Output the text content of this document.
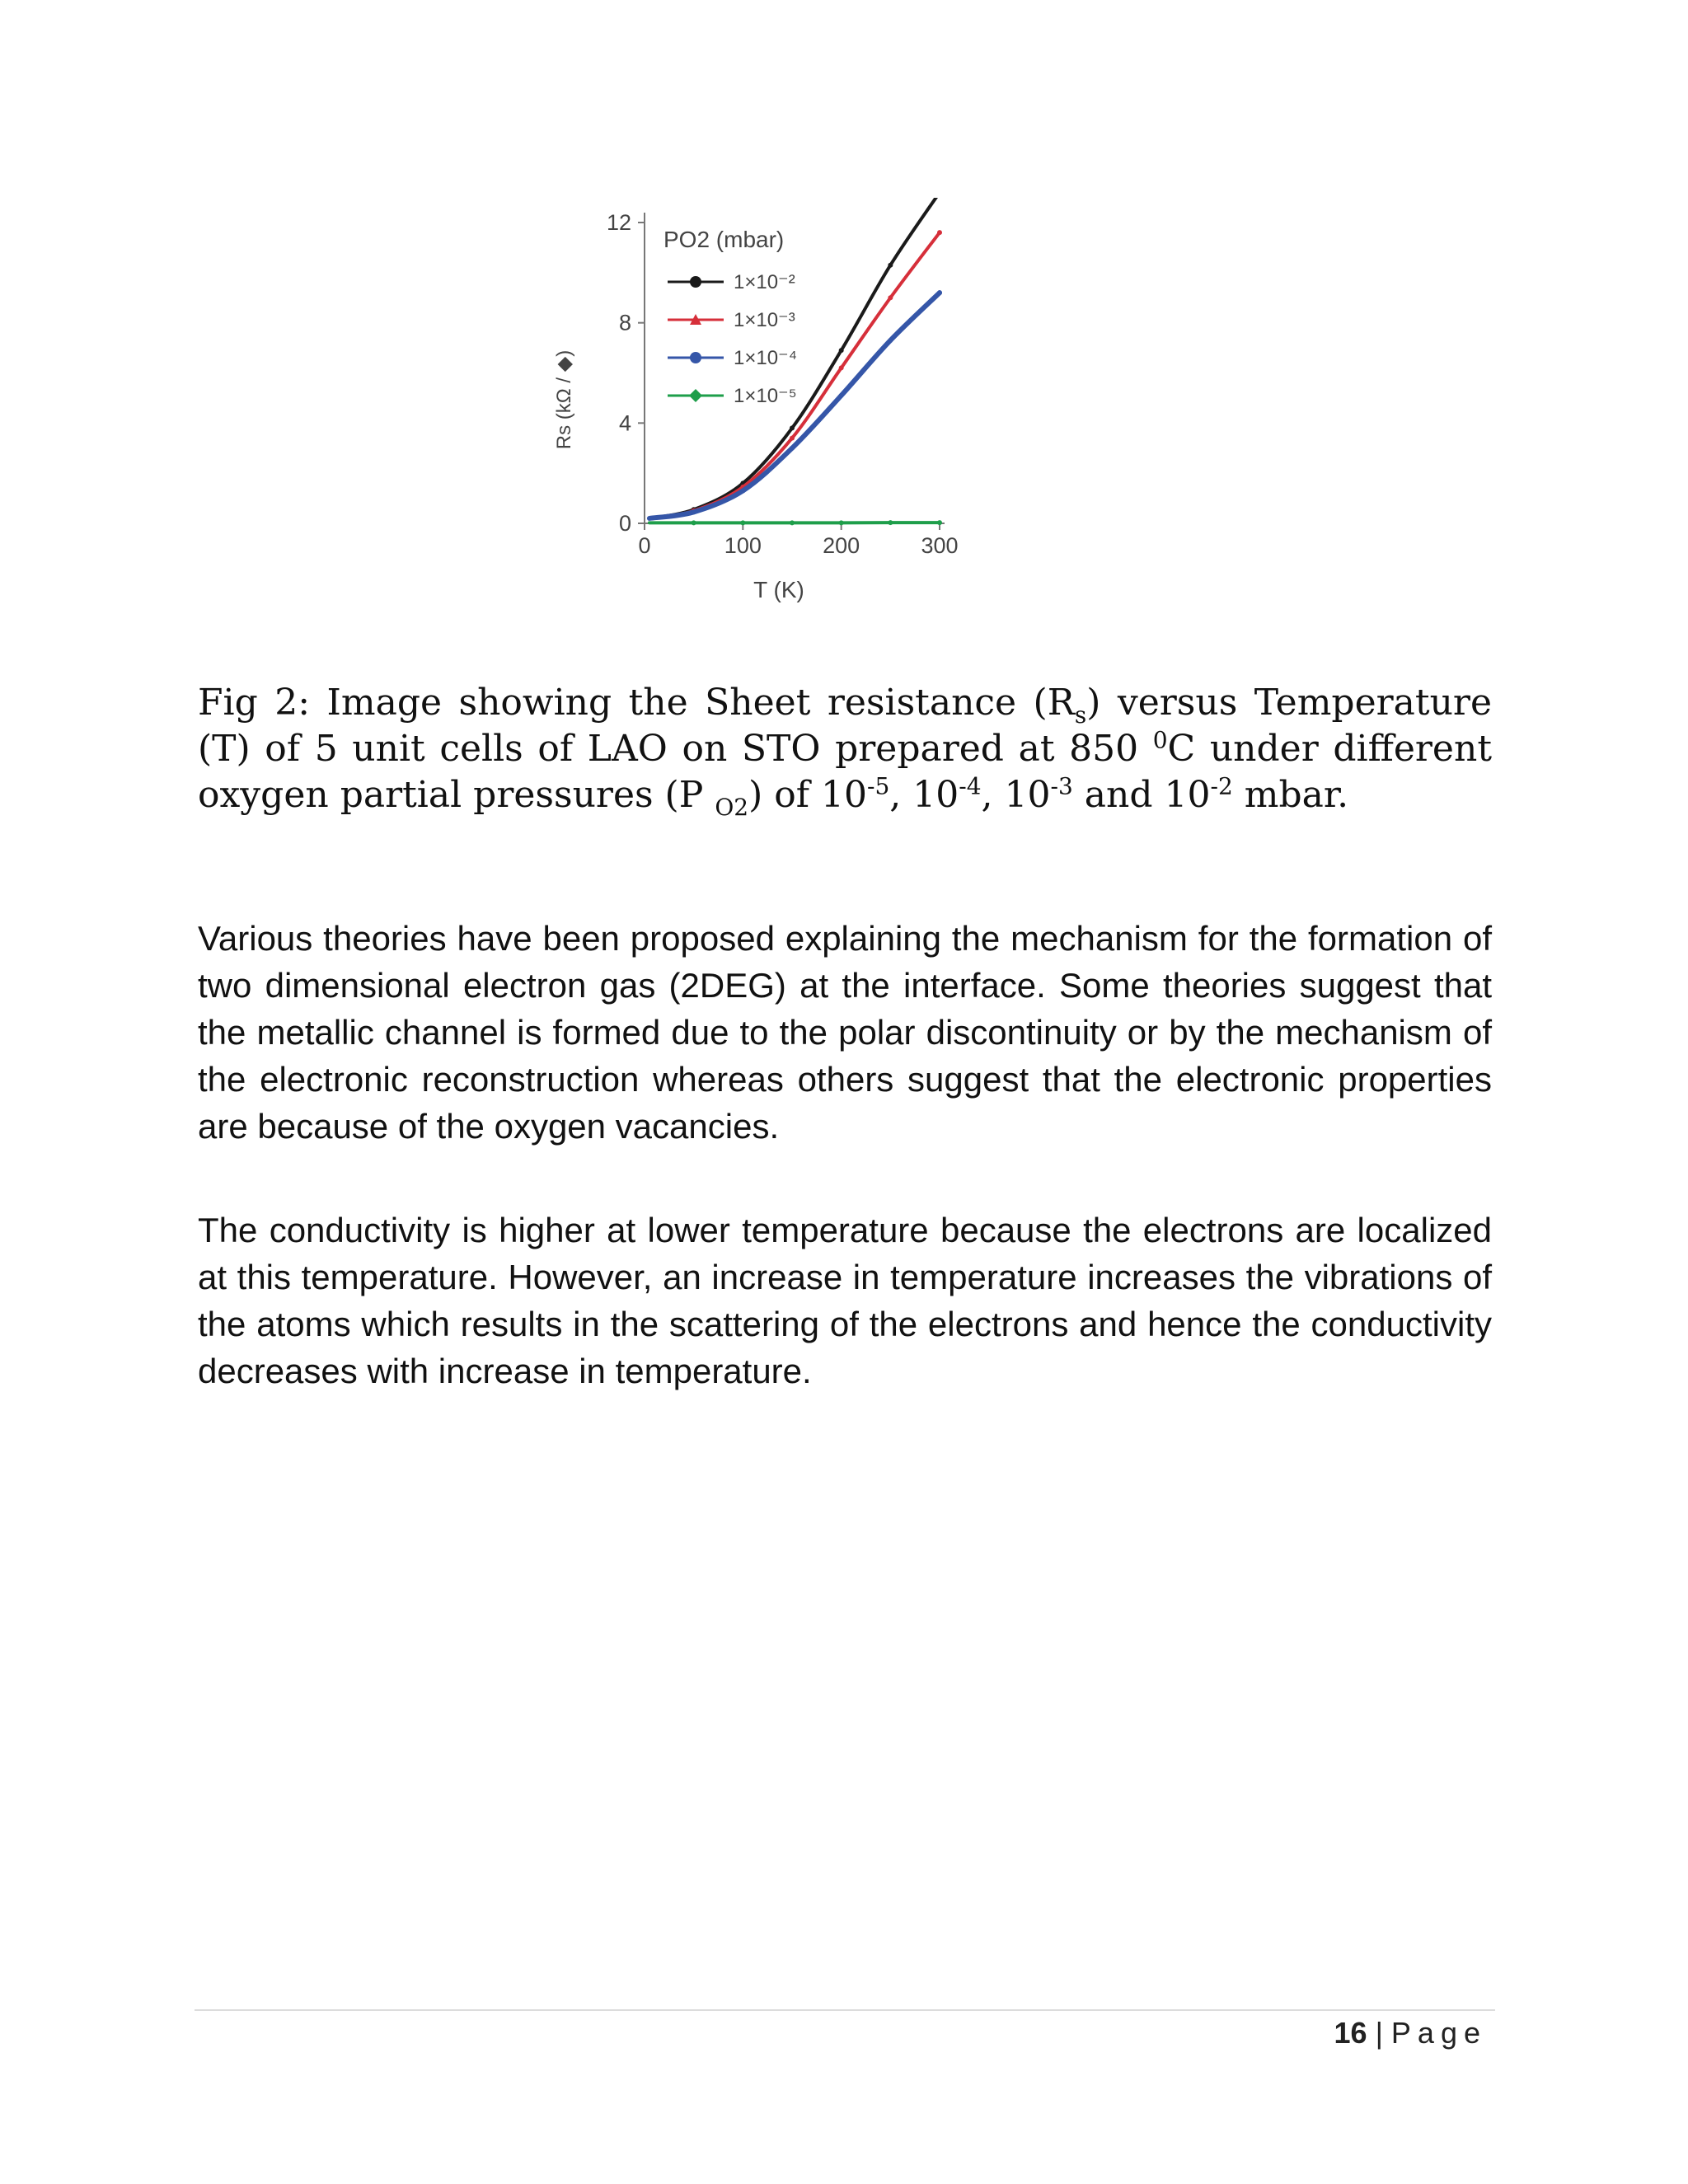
0	100	200	300
0
4
8
12
PO2 (mbar)
1×10⁻²
1×10⁻³
1×10⁻⁴
1×10⁻⁵
T (K)
Rs (kΩ / ◆)
Fig 2: Image showing the Sheet resistance $(R_s)$ versus Temperature (T) of 5 unit cells of LAO on STO prepared at 850 $^0$C under different oxygen partial pressures (P $_{O2}$) of $10^{-5}$, $10^{-4}$, $10^{-3}$ and $10^{-2}$ mbar.

Various theories have been proposed explaining the mechanism for the formation of two dimensional electron gas (2DEG) at the interface. Some theories suggest that the metallic channel is formed due to the polar discontinuity or by the mechanism of the electronic reconstruction whereas others suggest that the electronic properties are because of the oxygen vacancies.

The conductivity is higher at lower temperature because the electrons are localized at this temperature. However, an increase in temperature increases the vibrations of the atoms which results in the scattering of the electrons and hence the conductivity decreases with increase in temperature.

16 | Page
